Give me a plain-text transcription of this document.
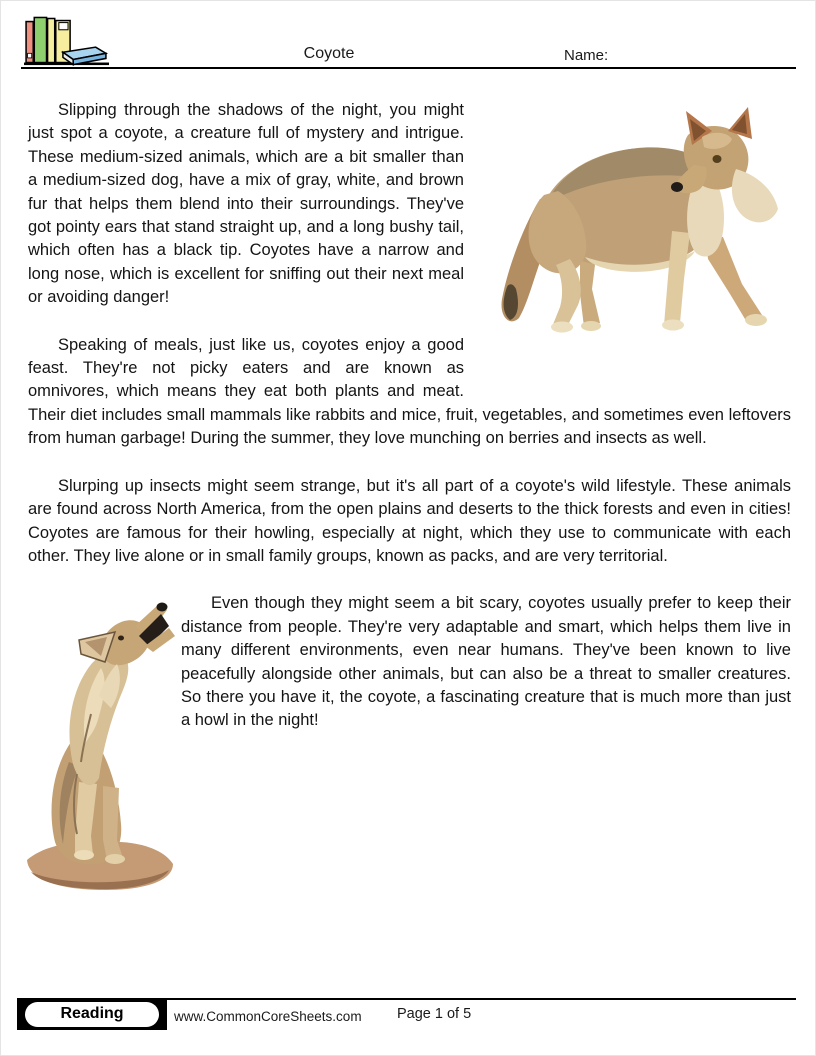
Coyote	Name:

Slipping through the shadows of the night, you might just spot a coyote, a creature full of mystery and intrigue. These medium-sized animals, which are a bit smaller than a medium-sized dog, have a mix of gray, white, and brown fur that helps them blend into their surroundings. They've got pointy ears that stand straight up, and a long bushy tail, which often has a black tip. Coyotes have a narrow and long nose, which is excellent for sniffing out their next meal or avoiding danger!

Speaking of meals, just like us, coyotes enjoy a good feast. They're not picky eaters and are known as omnivores, which means they eat both plants and meat. Their diet includes small mammals like rabbits and mice, fruit, vegetables, and sometimes even leftovers from human garbage! During the summer, they love munching on berries and insects as well.

Slurping up insects might seem strange, but it's all part of a coyote's wild lifestyle. These animals are found across North America, from the open plains and deserts to the thick forests and even in cities! Coyotes are famous for their howling, especially at night, which they use to communicate with each other. They live alone or in small family groups, known as packs, and are very territorial.

Even though they might seem a bit scary, coyotes usually prefer to keep their distance from people. They're very adaptable and smart, which helps them live in many different environments, even near humans. They've been known to live peacefully alongside other animals, but can also be a threat to smaller creatures. So there you have it, the coyote, a fascinating creature that is much more than just a howl in the night!

Reading	www.CommonCoreSheets.com Page 1 of 5
